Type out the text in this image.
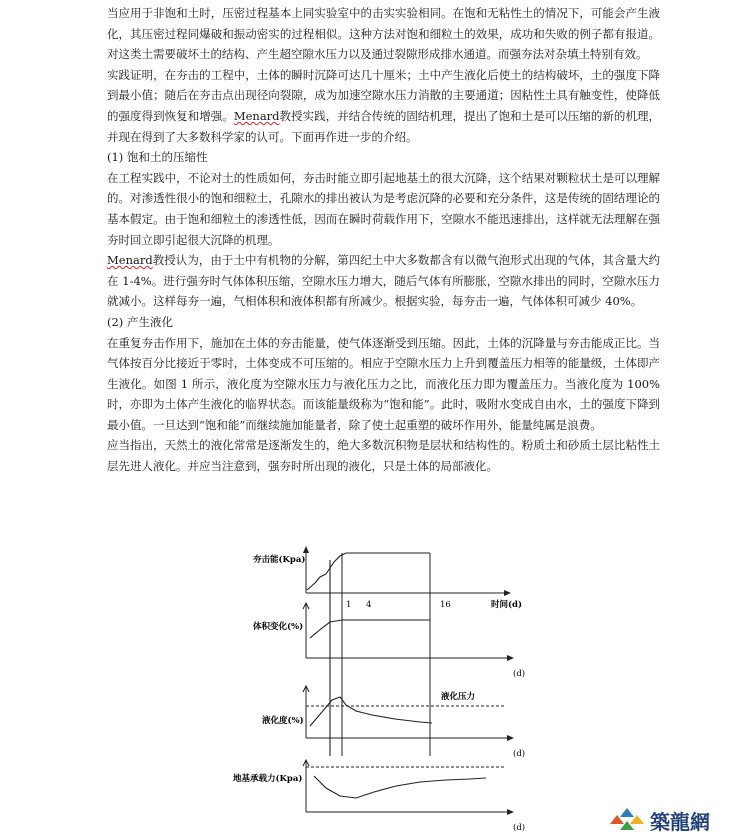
当应用于非饱和土时，压密过程基本上同实验室中的击实实验相同。在饱和无粘性土的情况下，可能会产生液化，其压密过程同爆破和振动密实的过程相似。这种方法对饱和细粒土的效果，成功和失败的例子都有报道。对这类土需要破坏土的结构、产生超空隙水压力以及通过裂隙形成排水通道。而强夯法对杂填土特别有效。

实践证明，在夯击的工程中，土体的瞬时沉降可达几十厘米；土中产生液化后使土的结构破坏，土的强度下降到最小值；随后在夯击点出现径向裂隙，成为加速空隙水压力消散的主要通道；因粘性土具有触变性，使降低的强度得到恢复和增强。Menard教授实践，并结合传统的固结机理，提出了饱和土是可以压缩的新的机理，并现在得到了大多数科学家的认可。下面再作进一步的介绍。

(1) 饱和土的压缩性

在工程实践中，不论对土的性质如何，夯击时能立即引起地基土的很大沉降，这个结果对颗粒状土是可以理解的。对渗透性很小的饱和细粒土，孔隙水的排出被认为是考虑沉降的必要和充分条件，这是传统的固结理论的基本假定。由于饱和细粒土的渗透性低，因而在瞬时荷载作用下，空隙水不能迅速排出，这样就无法理解在强夯时回立即引起很大沉降的机理。

Menard教授认为，由于土中有机物的分解，第四纪土中大多数都含有以微气泡形式出现的气体，其含量大约在 1-4%。进行强夯时气体体积压缩，空隙水压力增大，随后气体有所膨胀，空隙水排出的同时，空隙水压力就减小。这样每夯一遍，气相体积和液体积都有所减少。根据实验，每夯击一遍，气体体积可减少 40%。

(2) 产生液化

在重复夯击作用下，施加在土体的夯击能量，使气体逐渐受到压缩。因此，土体的沉降量与夯击能成正比。当气体按百分比接近于零时，土体变成不可压缩的。相应于空隙水压力上升到覆盖压力相等的能量级，土体即产生液化。如图 1 所示，液化度为空隙水压力与液化压力之比，而液化压力即为覆盖压力。当液化度为 100%时，亦即为土体产生液化的临界状态。而该能量级称为“饱和能”。此时，吸附水变成自由水，土的强度下降到最小值。一旦达到“饱和能”而继续施加能量者，除了使土起重塑的破坏作用外，能量纯属是浪费。

应当指出，天然土的液化常常是逐渐发生的，绝大多数沉积物是层状和结构性的。粉质土和砂质土层比粘性土层先进人液化。并应当注意到，强夯时所出现的液化，只是土体的局部液化。

夯击能(Kpa)
1 4	16	时间(d)
体积变化(%)
(d)
液化度(%)
液化压力
(d)
地基承载力(Kpa)
(d)	築龍網
